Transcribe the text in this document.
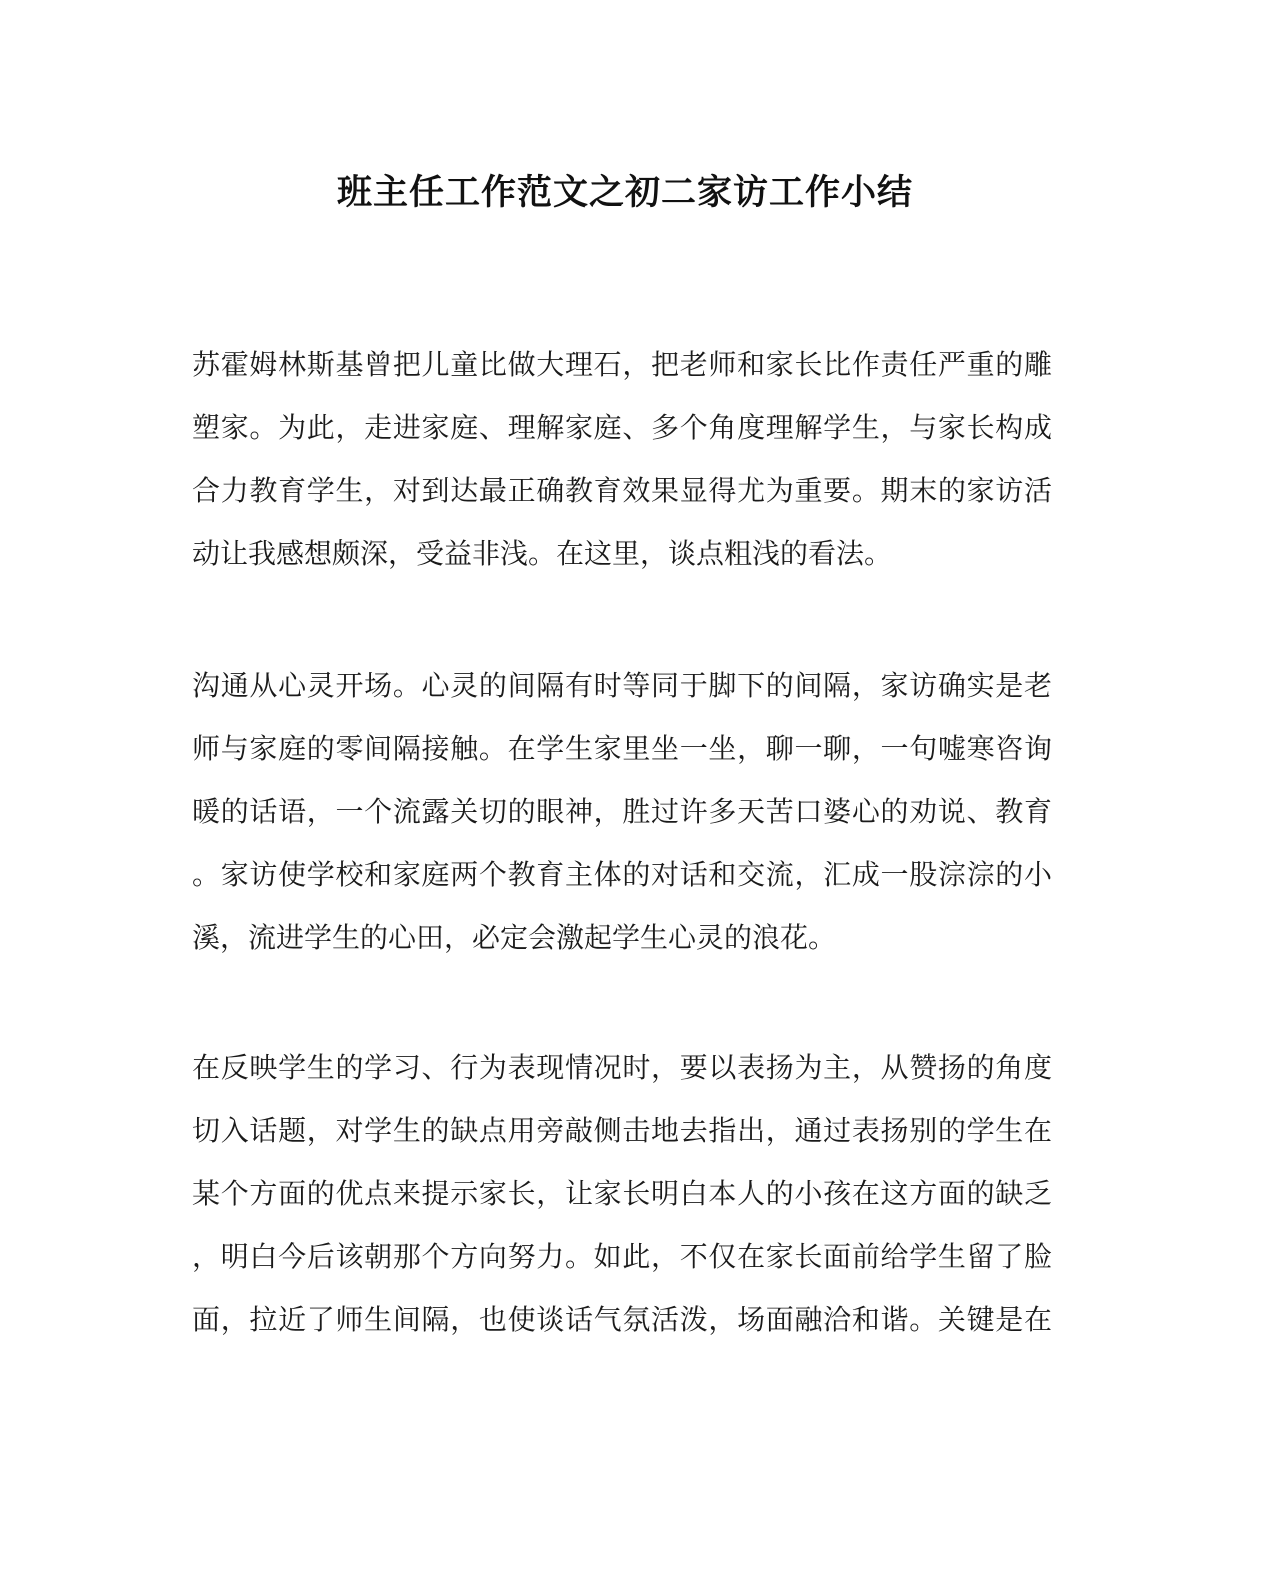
班主任工作范文之初二家访工作小结

苏霍姆林斯基曾把儿童比做大理石，把老师和家长比作责任严重的雕
塑家。为此，走进家庭、理解家庭、多个角度理解学生，与家长构成
合力教育学生，对到达最正确教育效果显得尤为重要。期末的家访活
动让我感想颇深，受益非浅。在这里，谈点粗浅的看法。

沟通从心灵开场。心灵的间隔有时等同于脚下的间隔，家访确实是老
师与家庭的零间隔接触。在学生家里坐一坐，聊一聊，一句嘘寒咨询
暖的话语，一个流露关切的眼神，胜过许多天苦口婆心的劝说、教育
。家访使学校和家庭两个教育主体的对话和交流，汇成一股淙淙的小
溪，流进学生的心田，必定会激起学生心灵的浪花。

在反映学生的学习、行为表现情况时，要以表扬为主，从赞扬的角度
切入话题，对学生的缺点用旁敲侧击地去指出，通过表扬别的学生在
某个方面的优点来提示家长，让家长明白本人的小孩在这方面的缺乏
，明白今后该朝那个方向努力。如此，不仅在家长面前给学生留了脸
面，拉近了师生间隔，也使谈话气氛活泼，场面融洽和谐。关键是在
